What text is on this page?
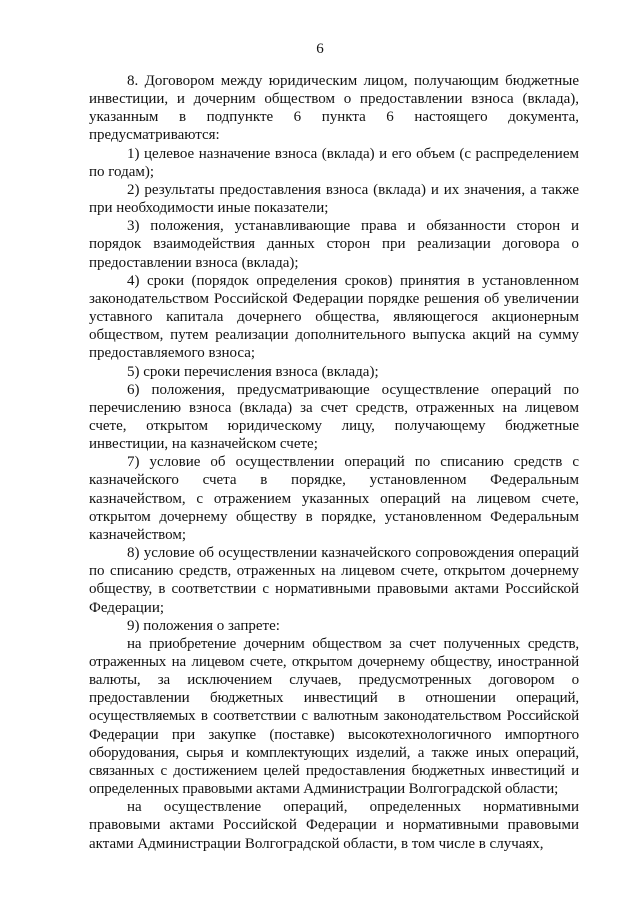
6

8. Договором между юридическим лицом, получающим бюджетные инвестиции, и дочерним обществом о предоставлении взноса (вклада), указанным в подпункте 6 пункта 6 настоящего документа, предусматриваются:

1) целевое назначение взноса (вклада) и его объем (с распределением по годам);

2) результаты предоставления взноса (вклада) и их значения, а также при необходимости иные показатели;

3) положения, устанавливающие права и обязанности сторон и порядок взаимодействия данных сторон при реализации договора о предоставлении взноса (вклада);

4) сроки (порядок определения сроков) принятия в установленном законодательством Российской Федерации порядке решения об увеличении уставного капитала дочернего общества, являющегося акционерным обществом, путем реализации дополнительного выпуска акций на сумму предоставляемого взноса;

5) сроки перечисления взноса (вклада);

6) положения, предусматривающие осуществление операций по перечислению взноса (вклада) за счет средств, отраженных на лицевом счете, открытом юридическому лицу, получающему бюджетные инвестиции, на казначейском счете;

7) условие об осуществлении операций по списанию средств с казначейского счета в порядке, установленном Федеральным казначейством, с отражением указанных операций на лицевом счете, открытом дочернему обществу в порядке, установленном Федеральным казначейством;

8) условие об осуществлении казначейского сопровождения операций по списанию средств, отраженных на лицевом счете, открытом дочернему обществу, в соответствии с нормативными правовыми актами Российской Федерации;

9) положения о запрете:

на приобретение дочерним обществом за счет полученных средств, отраженных на лицевом счете, открытом дочернему обществу, иностранной валюты, за исключением случаев, предусмотренных договором о предоставлении бюджетных инвестиций в отношении операций, осуществляемых в соответствии с валютным законодательством Российской Федерации при закупке (поставке) высокотехнологичного импортного оборудования, сырья и комплектующих изделий, а также иных операций, связанных с достижением целей предоставления бюджетных инвестиций и определенных правовыми актами Администрации Волгоградской области;

на осуществление операций, определенных нормативными правовыми актами Российской Федерации и нормативными правовыми актами Администрации Волгоградской области, в том числе в случаях,
